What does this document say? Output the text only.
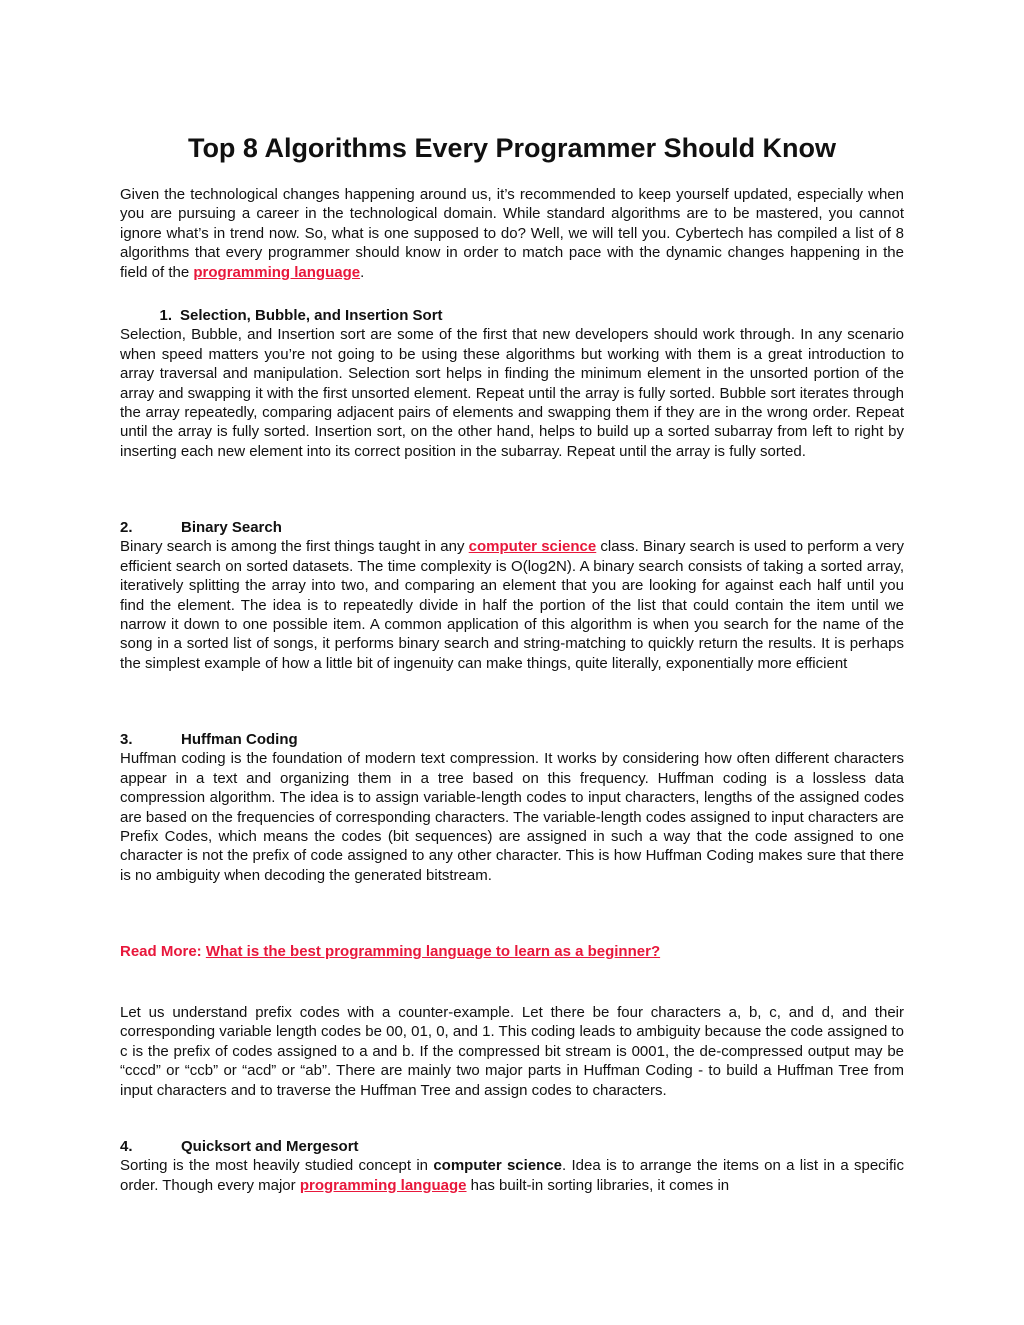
Top 8 Algorithms Every Programmer Should Know

Given the technological changes happening around us, it’s recommended to keep yourself updated, especially when you are pursuing a career in the technological domain. While standard algorithms are to be mastered, you cannot ignore what’s in trend now. So, what is one supposed to do? Well, we will tell you. Cybertech has compiled a list of 8 algorithms that every programmer should know in order to match pace with the dynamic changes happening in the field of the programming language.

1. Selection, Bubble, and Insertion Sort

Selection, Bubble, and Insertion sort are some of the first that new developers should work through. In any scenario when speed matters you’re not going to be using these algorithms but working with them is a great introduction to array traversal and manipulation. Selection sort helps in finding the minimum element in the unsorted portion of the array and swapping it with the first unsorted element. Repeat until the array is fully sorted. Bubble sort iterates through the array repeatedly, comparing adjacent pairs of elements and swapping them if they are in the wrong order. Repeat until the array is fully sorted. Insertion sort, on the other hand, helps to build up a sorted subarray from left to right by inserting each new element into its correct position in the subarray. Repeat until the array is fully sorted.

2.	Binary Search

Binary search is among the first things taught in any computer science class. Binary search is used to perform a very efficient search on sorted datasets. The time complexity is O(log2N). A binary search consists of taking a sorted array, iteratively splitting the array into two, and comparing an element that you are looking for against each half until you find the element. The idea is to repeatedly divide in half the portion of the list that could contain the item until we narrow it down to one possible item. A common application of this algorithm is when you search for the name of the song in a sorted list of songs, it performs binary search and string-matching to quickly return the results. It is perhaps the simplest example of how a little bit of ingenuity can make things, quite literally, exponentially more efficient

3.	Huffman Coding

Huffman coding is the foundation of modern text compression. It works by considering how often different characters appear in a text and organizing them in a tree based on this frequency. Huffman coding is a lossless data compression algorithm. The idea is to assign variable-length codes to input characters, lengths of the assigned codes are based on the frequencies of corresponding characters. The variable-length codes assigned to input characters are Prefix Codes, which means the codes (bit sequences) are assigned in such a way that the code assigned to one character is not the prefix of code assigned to any other character. This is how Huffman Coding makes sure that there is no ambiguity when decoding the generated bitstream.

Read More: What is the best programming language to learn as a beginner?

Let us understand prefix codes with a counter-example. Let there be four characters a, b, c, and d, and their corresponding variable length codes be 00, 01, 0, and 1. This coding leads to ambiguity because the code assigned to c is the prefix of codes assigned to a and b. If the compressed bit stream is 0001, the de-compressed output may be “cccd” or “ccb” or “acd” or “ab”. There are mainly two major parts in Huffman Coding - to build a Huffman Tree from input characters and to traverse the Huffman Tree and assign codes to characters.

4.	Quicksort and Mergesort

Sorting is the most heavily studied concept in computer science. Idea is to arrange the items on a list in a specific order. Though every major programming language has built-in sorting libraries, it comes in
